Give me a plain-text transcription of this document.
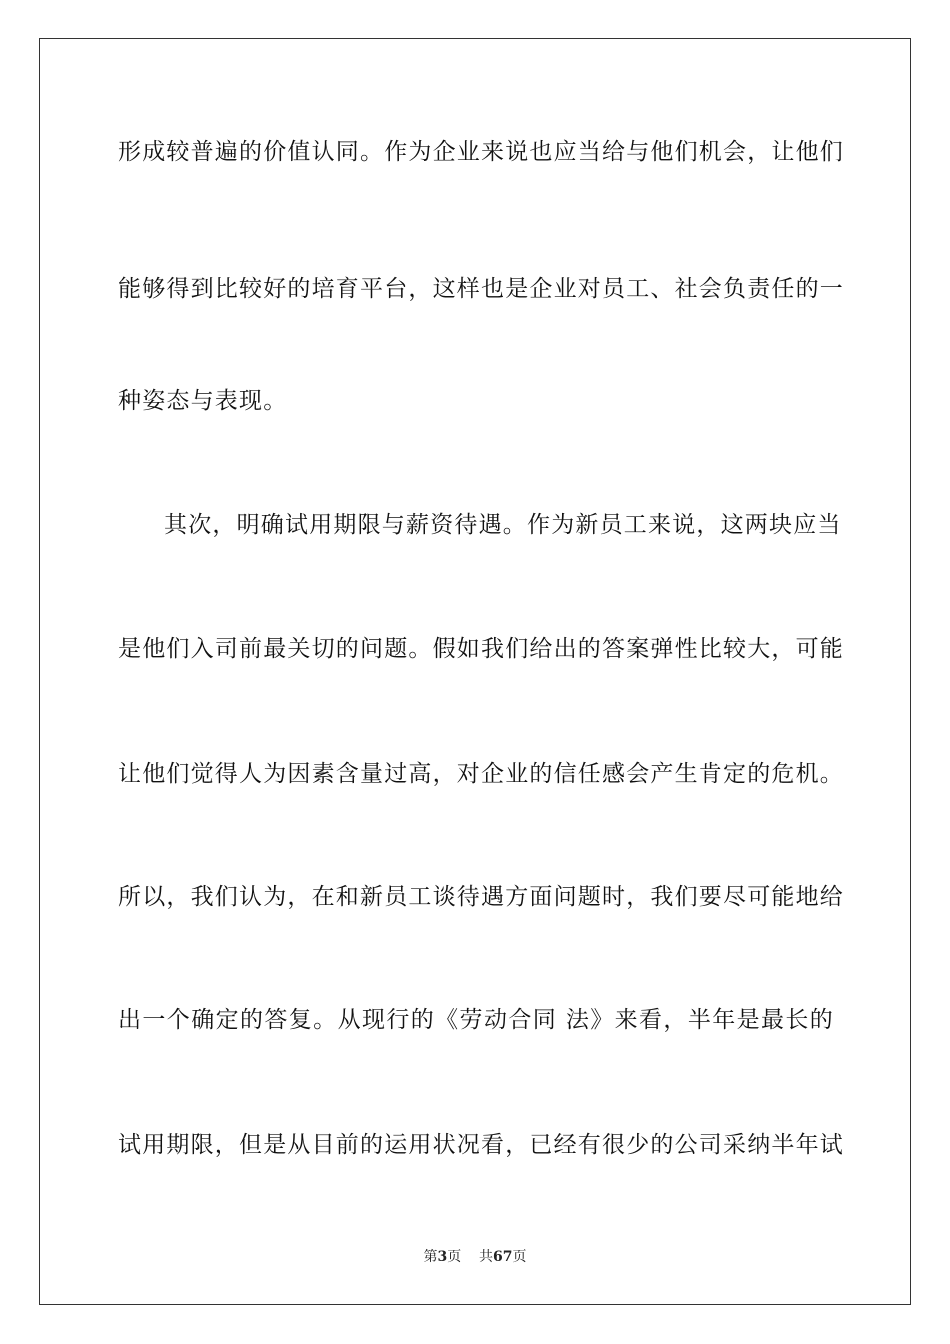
形成较普遍的价值认同。作为企业来说也应当给与他们机会，让他们
能够得到比较好的培育平台，这样也是企业对员工、社会负责任的一
种姿态与表现。
其次，明确试用期限与薪资待遇。作为新员工来说，这两块应当
是他们入司前最关切的问题。假如我们给出的答案弹性比较大，可能
让他们觉得人为因素含量过高，对企业的信任感会产生肯定的危机。
所以，我们认为，在和新员工谈待遇方面问题时，我们要尽可能地给
出一个确定的答复。从现行的《劳动合同 法》来看，半年是最长的
试用期限，但是从目前的运用状况看，已经有很少的公司采纳半年试
第3页 共67页
